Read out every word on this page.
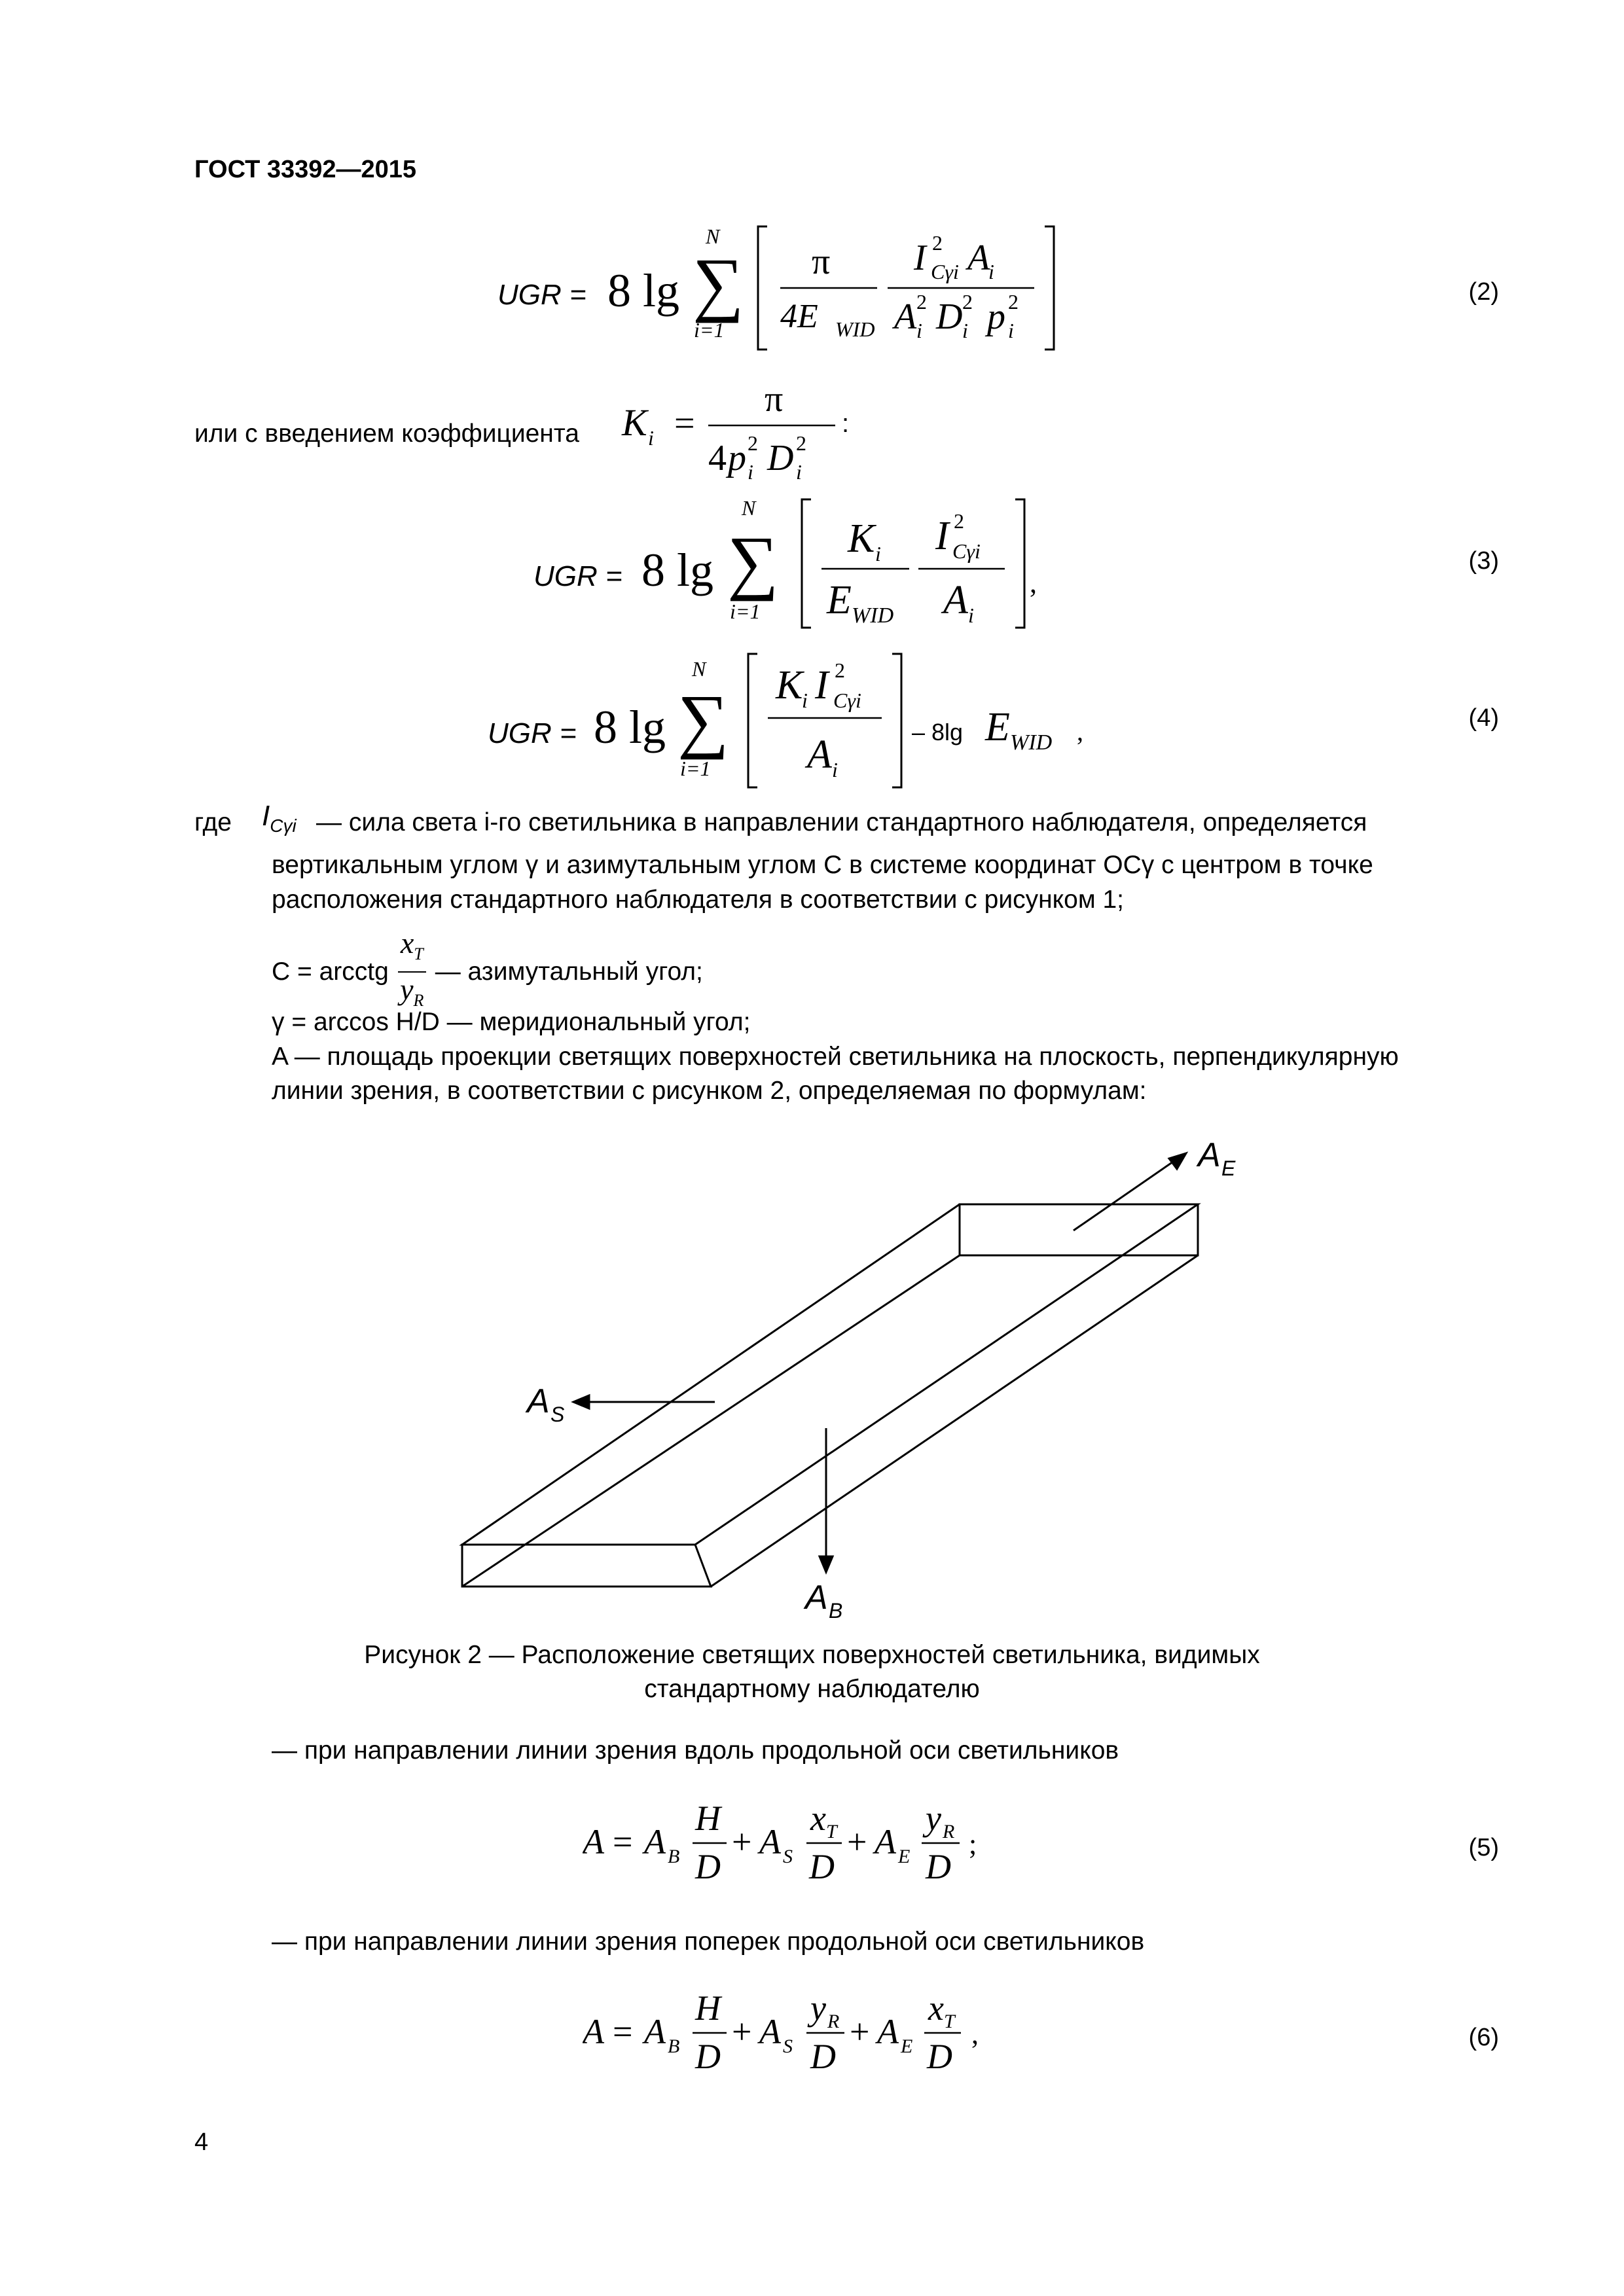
ГОСТ 33392—2015
UGR = 8 lg
N
∑
i=1
π
4E WID
I 2
Cγi A
i
A 2
i D 2
i p 2
i
(2)
или с введением коэффициента K i =
π
4 p 2
i D 2
i
:
UGR = 8 lg
N
∑
i=1
K i
E WID
I 2
Cγi
A i
,
(3)
UGR = 8 lg
N
∑
i=1
K
i I 2
Cγi
A i
– 8lg E WID ,	(4)
где $I_{C\gamma i}$ — сила света i-го светильника в направлении стандартного наблюдателя, определяется
вертикальным углом γ и азимутальным углом C в системе координат OCγ с центром в точке
расположения стандартного наблюдателя в соответствии с рисунком 1;
C = arcctg $\frac{x_T}{y_R}$ — азимутальный угол;
γ = arccos H/D — меридиональный угол;
A — площадь проекции светящих поверхностей светильника на плоскость, перпендикулярную
линии зрения, в соответствии с рисунком 2, определяемая по формулам:
A E
A S
A B
Рисунок 2 — Расположение светящих поверхностей светильника, видимых
стандартному наблюдателю
— при направлении линии зрения вдоль продольной оси светильников
A = A B
H
D
+ A S
x T
D
+ A E
y R
D
;	(5)
— при направлении линии зрения поперек продольной оси светильников
A = A B
H
D
+ A S
y R
D
+ A E
x T
D
,	(6)
4
